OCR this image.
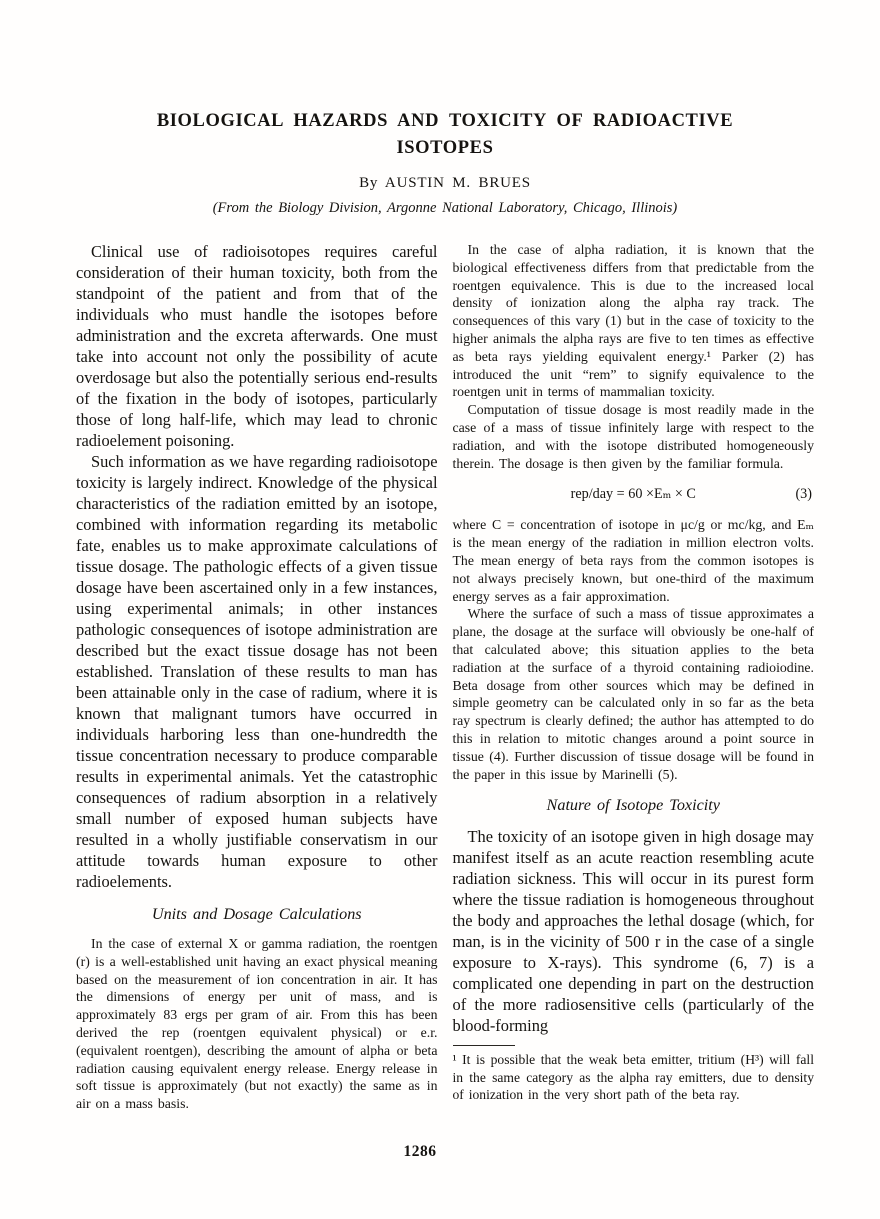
BIOLOGICAL HAZARDS AND TOXICITY OF RADIOACTIVE
ISOTOPES
By AUSTIN M. BRUES
(From the Biology Division, Argonne National Laboratory, Chicago, Illinois)

Clinical use of radioisotopes requires careful consideration of their human toxicity, both from the standpoint of the patient and from that of the individuals who must handle the isotopes before administration and the excreta afterwards. One must take into account not only the possibility of acute overdosage but also the potentially serious end-results of the fixation in the body of isotopes, particularly those of long half-life, which may lead to chronic radioelement poisoning.

Such information as we have regarding radioisotope toxicity is largely indirect. Knowledge of the physical characteristics of the radiation emitted by an isotope, combined with information regarding its metabolic fate, enables us to make approximate calculations of tissue dosage. The pathologic effects of a given tissue dosage have been ascertained only in a few instances, using experimental animals; in other instances pathologic consequences of isotope administration are described but the exact tissue dosage has not been established. Translation of these results to man has been attainable only in the case of radium, where it is known that malignant tumors have occurred in individuals harboring less than one-hundredth the tissue concentration necessary to produce comparable results in experimental animals. Yet the catastrophic consequences of radium absorption in a relatively small number of exposed human subjects have resulted in a wholly justifiable conservatism in our attitude towards human exposure to other radioelements.

Units and Dosage Calculations

In the case of external X or gamma radiation, the roentgen (r) is a well-established unit having an exact physical meaning based on the measurement of ion concentration in air. It has the dimensions of energy per unit of mass, and is approximately 83 ergs per gram of air. From this has been derived the rep (roentgen equivalent physical) or e.r. (equivalent roentgen), describing the amount of alpha or beta radiation causing equivalent energy release. Energy release in soft tissue is approximately (but not exactly) the same as in air on a mass basis.

In the case of alpha radiation, it is known that the biological effectiveness differs from that predictable from the roentgen equivalence. This is due to the increased local density of ionization along the alpha ray track. The consequences of this vary (1) but in the case of toxicity to the higher animals the alpha rays are five to ten times as effective as beta rays yielding equivalent energy.¹ Parker (2) has introduced the unit “rem” to signify equivalence to the roentgen unit in terms of mammalian toxicity.

Computation of tissue dosage is most readily made in the case of a mass of tissue infinitely large with respect to the radiation, and with the isotope distributed homogeneously therein. The dosage is then given by the familiar formula.

rep/day = 60 ×Eₘ × C	(3)

where C = concentration of isotope in μc/g or mc/kg, and Eₘ is the mean energy of the radiation in million electron volts. The mean energy of beta rays from the common isotopes is not always precisely known, but one-third of the maximum energy serves as a fair approximation.

Where the surface of such a mass of tissue approximates a plane, the dosage at the surface will obviously be one-half of that calculated above; this situation applies to the beta radiation at the surface of a thyroid containing radioiodine. Beta dosage from other sources which may be defined in simple geometry can be calculated only in so far as the beta ray spectrum is clearly defined; the author has attempted to do this in relation to mitotic changes around a point source in tissue (4). Further discussion of tissue dosage will be found in the paper in this issue by Marinelli (5).

Nature of Isotope Toxicity

The toxicity of an isotope given in high dosage may manifest itself as an acute reaction resembling acute radiation sickness. This will occur in its purest form where the tissue radiation is homogeneous throughout the body and approaches the lethal dosage (which, for man, is in the vicinity of 500 r in the case of a single exposure to X-rays). This syndrome (6, 7) is a complicated one depending in part on the destruction of the more radiosensitive cells (particularly of the blood-forming

¹ It is possible that the weak beta emitter, tritium (H³) will fall in the same category as the alpha ray emitters, due to density of ionization in the very short path of the beta ray.

1286
